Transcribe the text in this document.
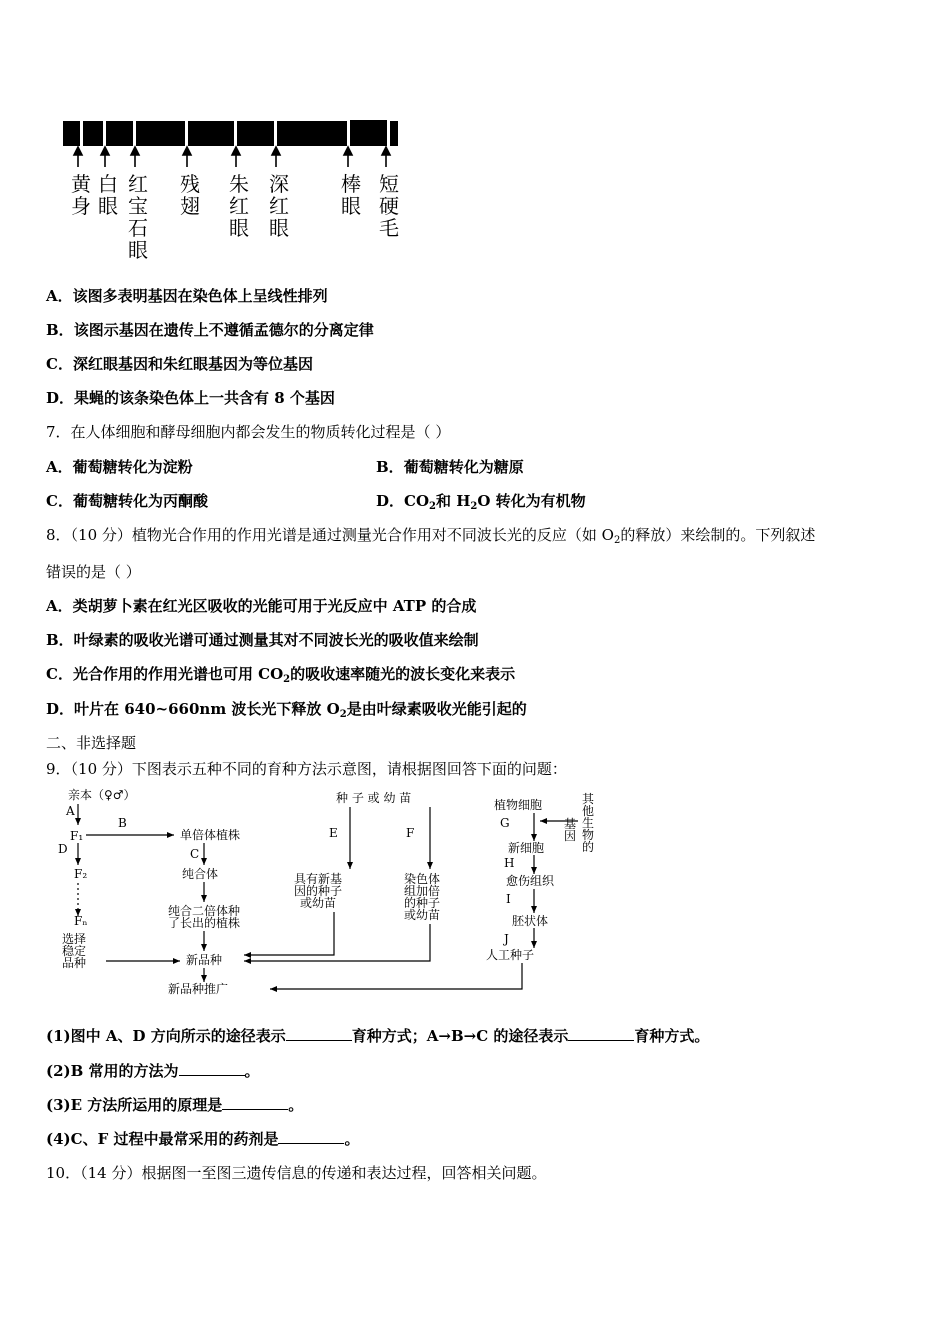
黄身
白眼
红宝石眼
残翅
朱红眼
深红眼
棒眼
短硬毛
A．该图多表明基因在染色体上呈线性排列
B．该图示基因在遗传上不遵循孟德尔的分离定律
C．深红眼基因和朱红眼基因为等位基因
D．果蝇的该条染色体上一共含有 8 个基因
7．在人体细胞和酵母细胞内都会发生的物质转化过程是（ ）
A．葡萄糖转化为淀粉	B．葡萄糖转化为糖原
C．葡萄糖转化为丙酮酸	D．$CO_2$和 $H_2O$ 转化为有机物
8．（10 分）植物光合作用的作用光谱是通过测量光合作用对不同波长光的反应（如 $O_2$的释放）来绘制的。下列叙述
错误的是（ ）
A．类胡萝卜素在红光区吸收的光能可用于光反应中 ATP 的合成
B．叶绿素的吸收光谱可通过测量其对不同波长光的吸收值来绘制
C．光合作用的作用光谱也可用 $CO_2$的吸收速率随光的波长变化来表示
D．叶片在 640~660nm 波长光下释放 $O_2$是由叶绿素吸收光能引起的
二、非选择题
9．（10 分）下图表示五种不同的育种方法示意图，请根据图回答下面的问题：
亲本（♀♂）
A
F₁
B
D
F₂
Fₙ
选择
稳定
品种
单倍体植株
C
纯合体
纯合二倍体种
了长出的植株
新品种
新品种推广
种 子 或 幼 苗
E	F
具有新基
因的种子
或幼苗
染色体
组加倍
的种子
或幼苗
植物细胞
G
其
他
生
物
的
基
因
新细胞
H
愈伤组织
I
胚状体
J
人工种子
(1)图中 A、D 方向所示的途径表示	育种方式；A→B→C 的途径表示	育种方式。
(2)B 常用的方法为	。
(3)E 方法所运用的原理是	。
(4)C、F 过程中最常采用的药剂是	。
10．（14 分）根据图一至图三遗传信息的传递和表达过程，回答相关问题。
